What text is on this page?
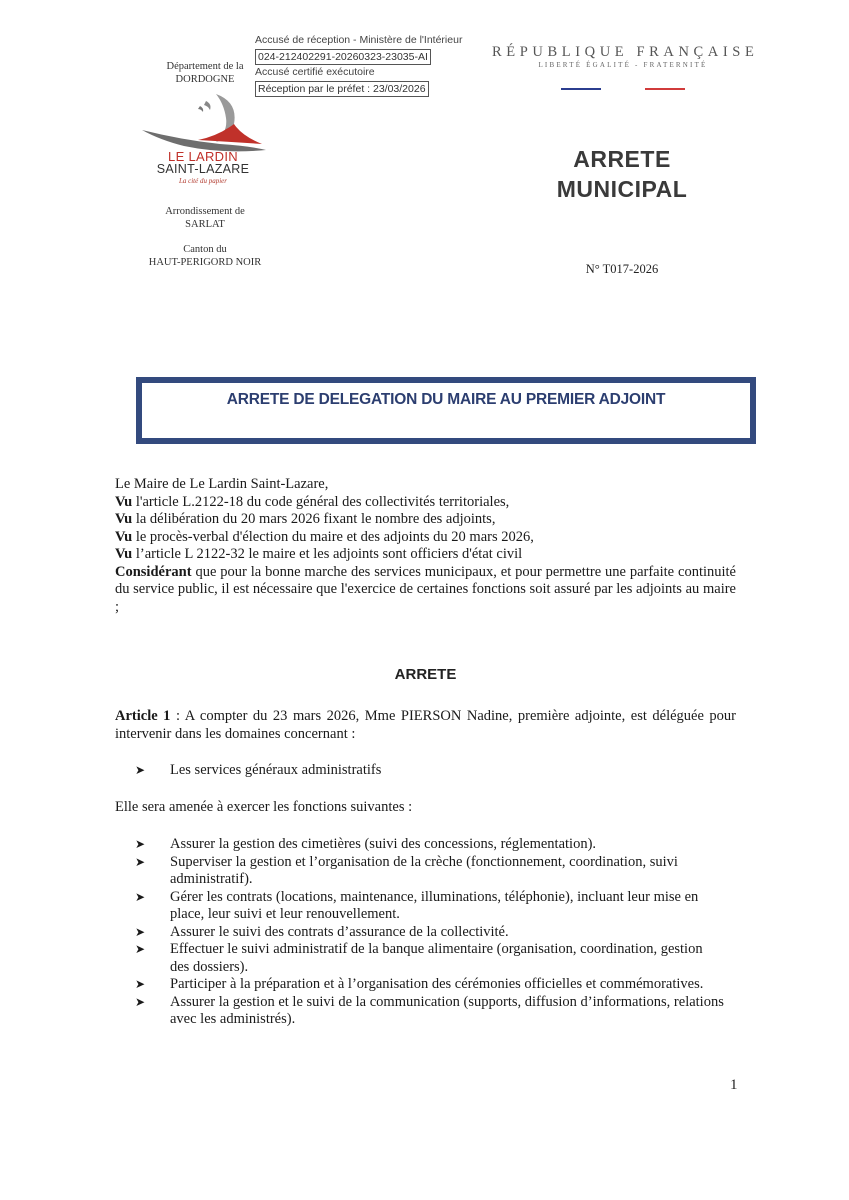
Département de la
DORDOGNE
LE LARDIN
SAINT-LAZARE
La cité du papier
Arrondissement de
SARLAT
Canton du
HAUT-PERIGORD NOIR
Accusé de réception - Ministère de l'Intérieur
024-212402291-20260323-23035-AI
Accusé certifié exécutoire
Réception par le préfet : 23/03/2026
RÉPUBLIQUE FRANÇAISE
LIBERTÉ ÉGALITÉ - FRATERNITÉ
ARRETE
MUNICIPAL
N° T017-2026
ARRETE DE DELEGATION DU MAIRE AU PREMIER ADJOINT

Le Maire de Le Lardin Saint-Lazare,

Vu l'article L.2122-18 du code général des collectivités territoriales,

Vu la délibération du 20 mars 2026 fixant le nombre des adjoints,

Vu le procès-verbal d'élection du maire et des adjoints du 20 mars 2026,

Vu l’article L 2122-32 le maire et les adjoints sont officiers d'état civil

Considérant que pour la bonne marche des services municipaux, et pour permettre une parfaite continuité du service public, il est nécessaire que l'exercice de certaines fonctions soit assuré par les adjoints au maire ;

ARRETE

Article 1 : A compter du 23 mars 2026, Mme PIERSON Nadine, première adjointe, est déléguée pour intervenir dans les domaines concernant :

➤ Les services généraux administratifs
Elle sera amenée à exercer les fonctions suivantes :
➤ Assurer la gestion des cimetières (suivi des concessions, réglementation).
➤ Superviser la gestion et l’organisation de la crèche (fonctionnement, coordination, suivi administratif).
➤ Gérer les contrats (locations, maintenance, illuminations, téléphonie), incluant leur mise en place, leur suivi et leur renouvellement.
➤ Assurer le suivi des contrats d’assurance de la collectivité.
➤ Effectuer le suivi administratif de la banque alimentaire (organisation, coordination, gestion des dossiers).
➤ Participer à la préparation et à l’organisation des cérémonies officielles et commémoratives.
➤ Assurer la gestion et le suivi de la communication (supports, diffusion d’informations, relations avec les administrés).
1
